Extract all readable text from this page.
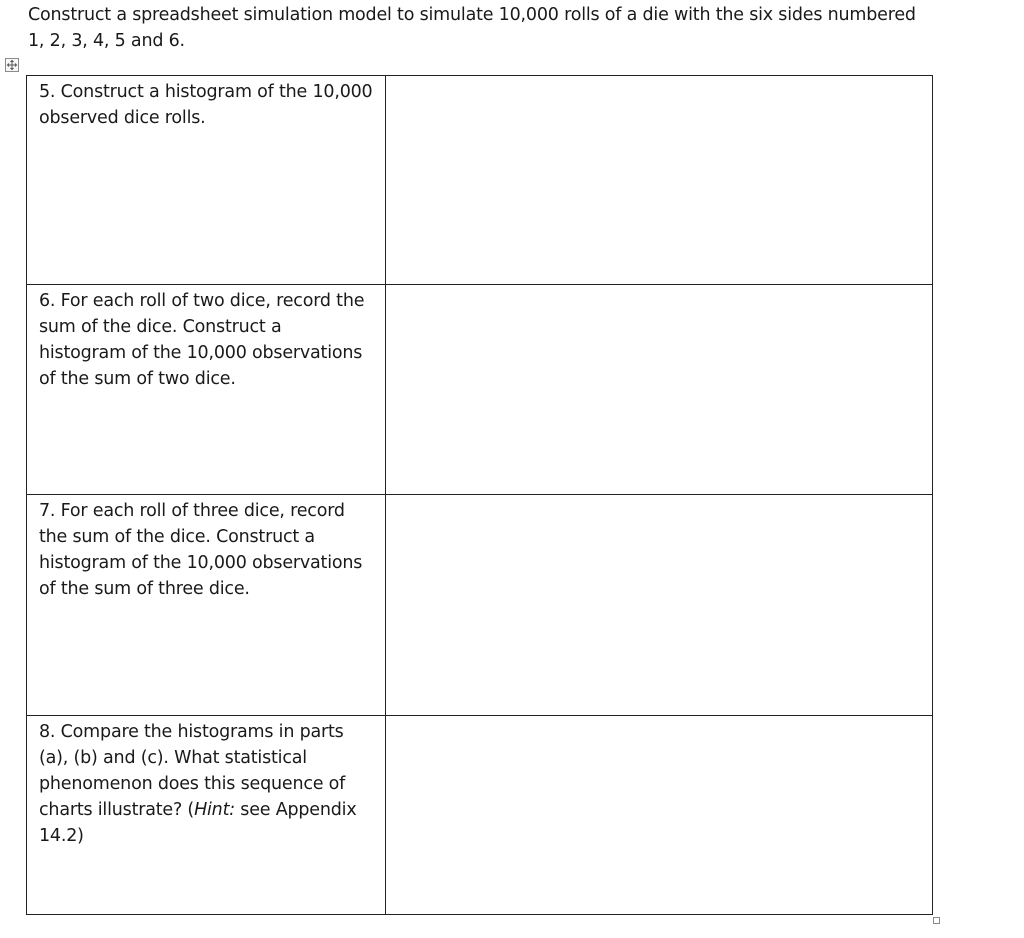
Construct a spreadsheet simulation model to simulate 10,000 rolls of a die with the six sides numbered
1, 2, 3, 4, 5 and 6.
5. Construct a histogram of the 10,000
observed dice rolls.	

6. For each roll of two dice, record the
sum of the dice. Construct a
histogram of the 10,000 observations
of the sum of two dice.	

7. For each roll of three dice, record
the sum of the dice. Construct a
histogram of the 10,000 observations
of the sum of three dice.	

8. Compare the histograms in parts
(a), (b) and (c). What statistical
phenomenon does this sequence of
charts illustrate? (Hint: see Appendix
14.2)	
